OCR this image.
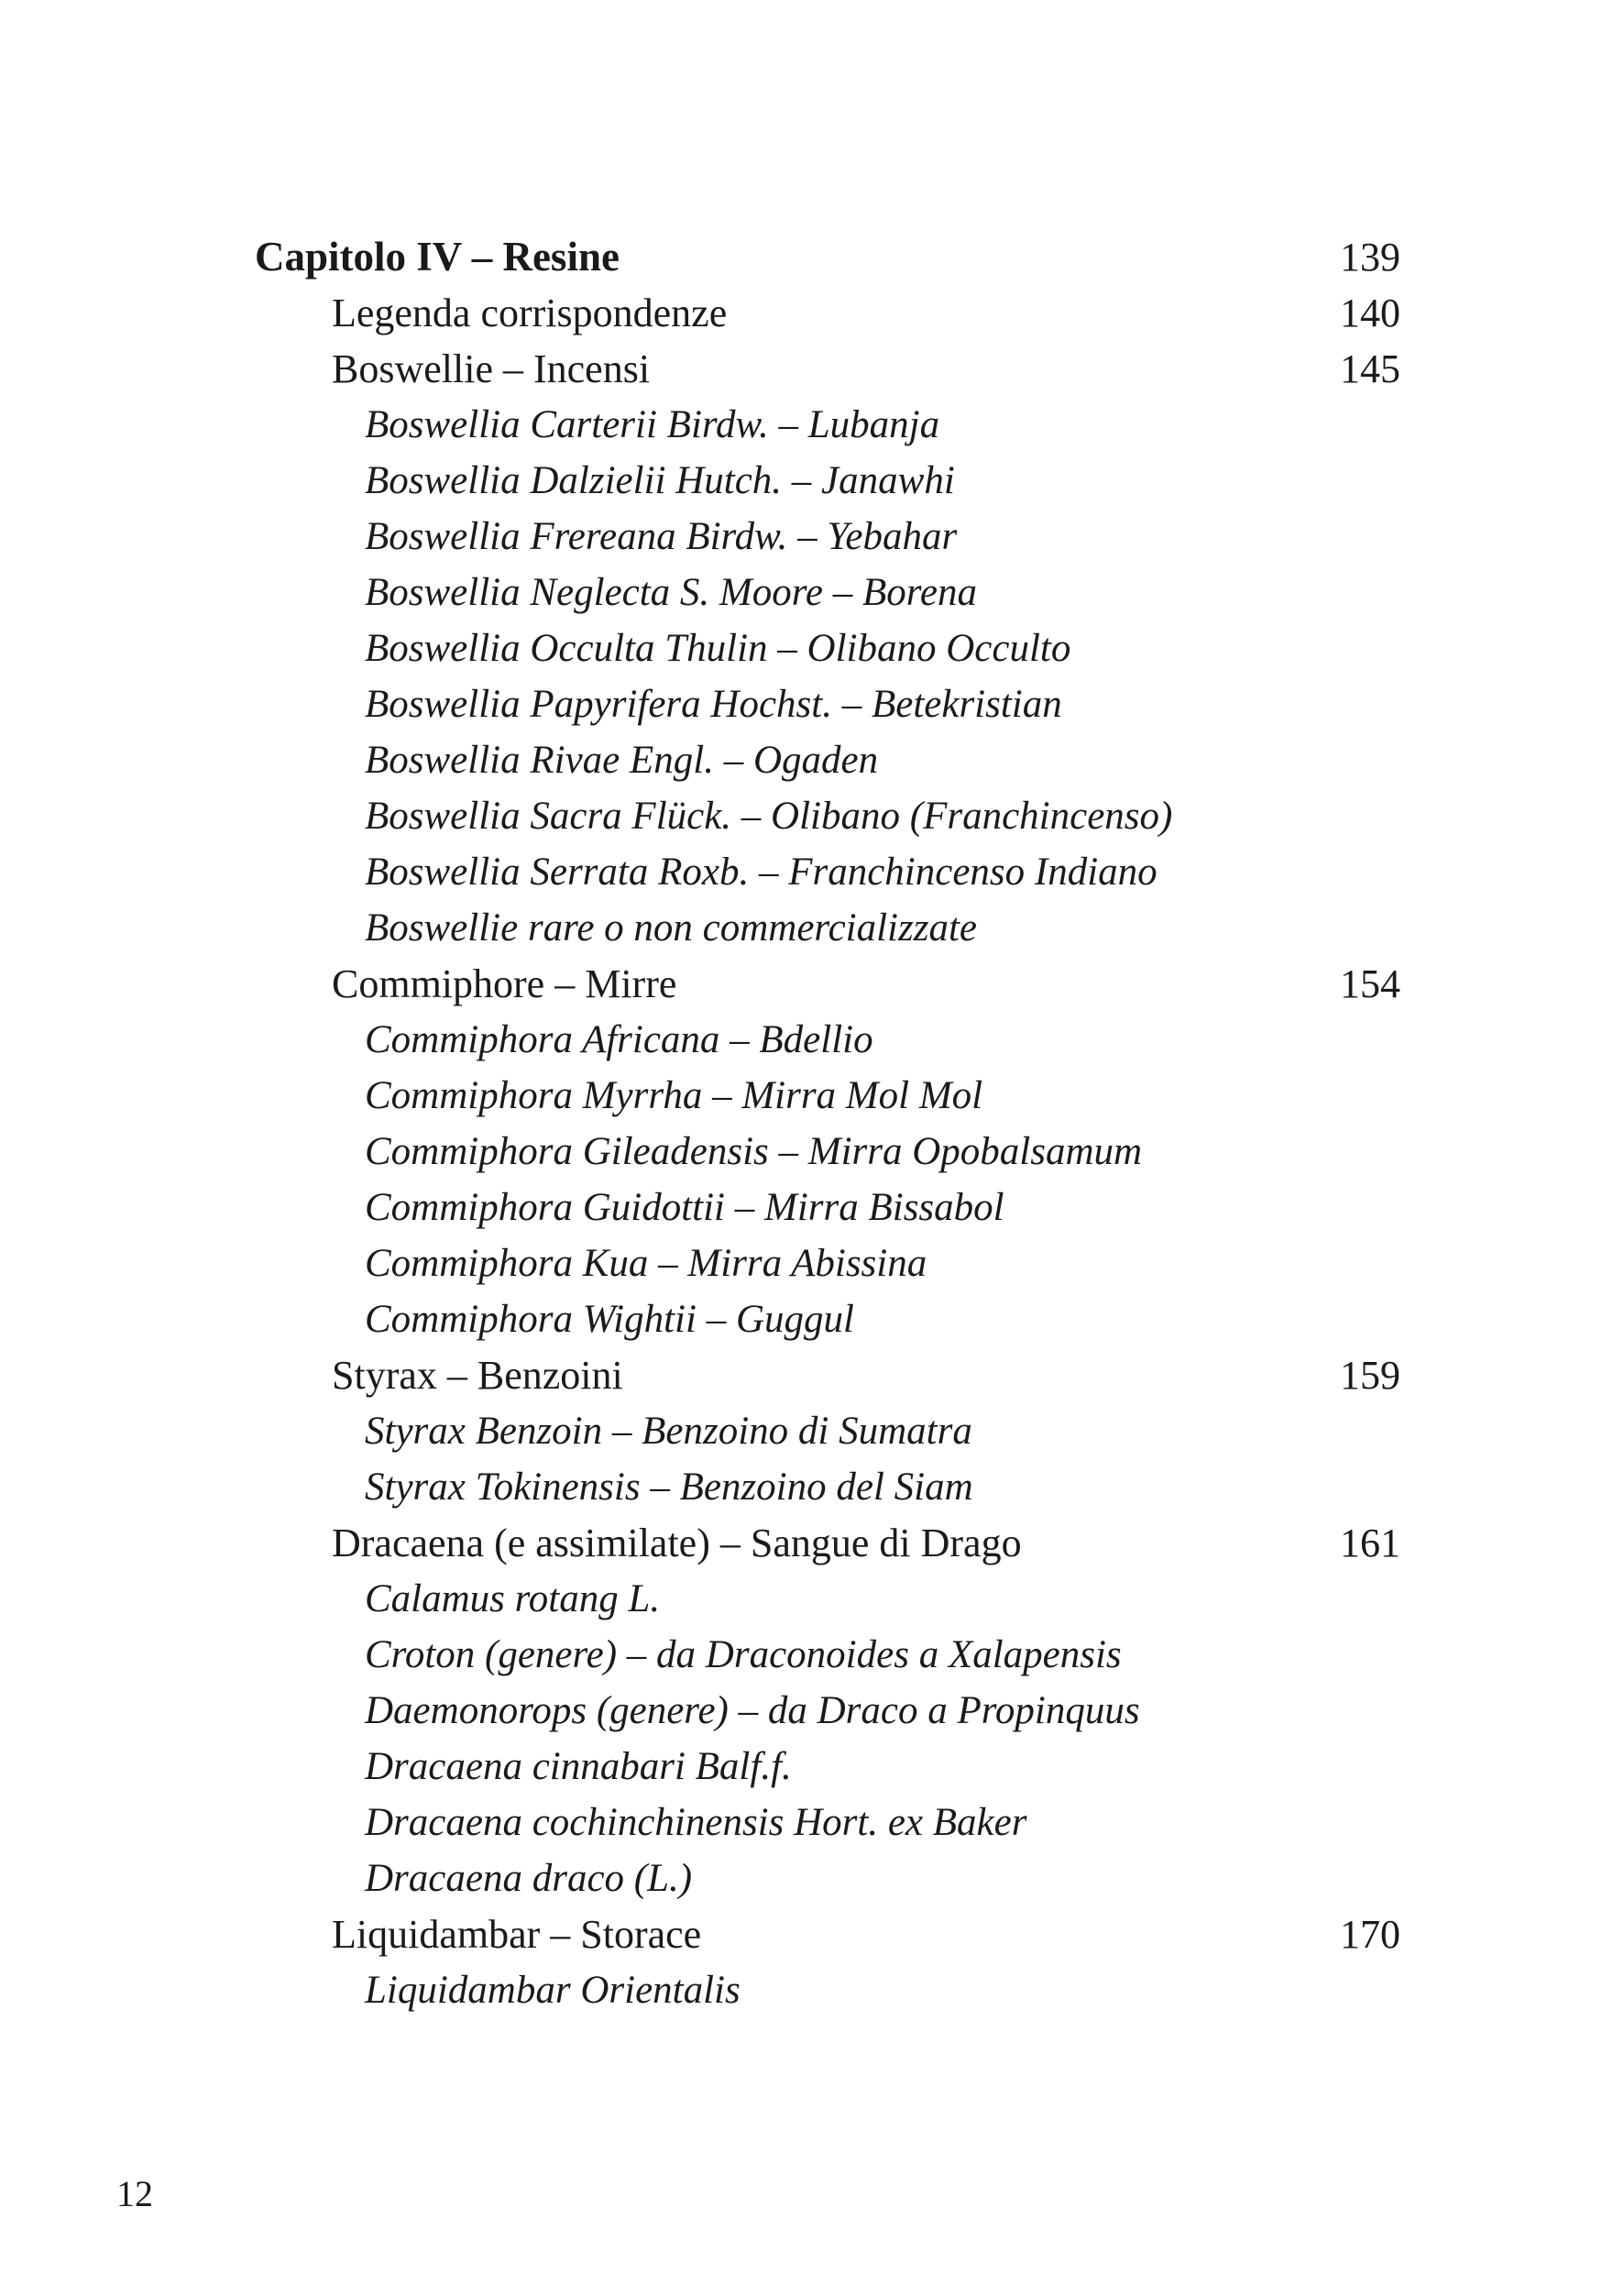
Capitolo IV – Resine	139
Legenda corrispondenze	140
Boswellie – Incensi	145
Boswellia Carterii Birdw. – Lubanja
Boswellia Dalzielii Hutch. – Janawhi
Boswellia Frereana Birdw. – Yebahar
Boswellia Neglecta S. Moore – Borena
Boswellia Occulta Thulin – Olibano Occulto
Boswellia Papyrifera Hochst. – Betekristian
Boswellia Rivae Engl. – Ogaden
Boswellia Sacra Flück. – Olibano (Franchincenso)
Boswellia Serrata Roxb. – Franchincenso Indiano
Boswellie rare o non commercializzate
Commiphore – Mirre	154
Commiphora Africana – Bdellio
Commiphora Myrrha – Mirra Mol Mol
Commiphora Gileadensis – Mirra Opobalsamum
Commiphora Guidottii – Mirra Bissabol
Commiphora Kua – Mirra Abissina
Commiphora Wightii – Guggul
Styrax – Benzoini	159
Styrax Benzoin – Benzoino di Sumatra
Styrax Tokinensis – Benzoino del Siam
Dracaena (e assimilate) – Sangue di Drago	161
Calamus rotang L.
Croton (genere) – da Draconoides a Xalapensis
Daemonorops (genere) – da Draco a Propinquus
Dracaena cinnabari Balf.f.
Dracaena cochinchinensis Hort. ex Baker
Dracaena draco (L.)
Liquidambar – Storace	170
Liquidambar Orientalis
12
